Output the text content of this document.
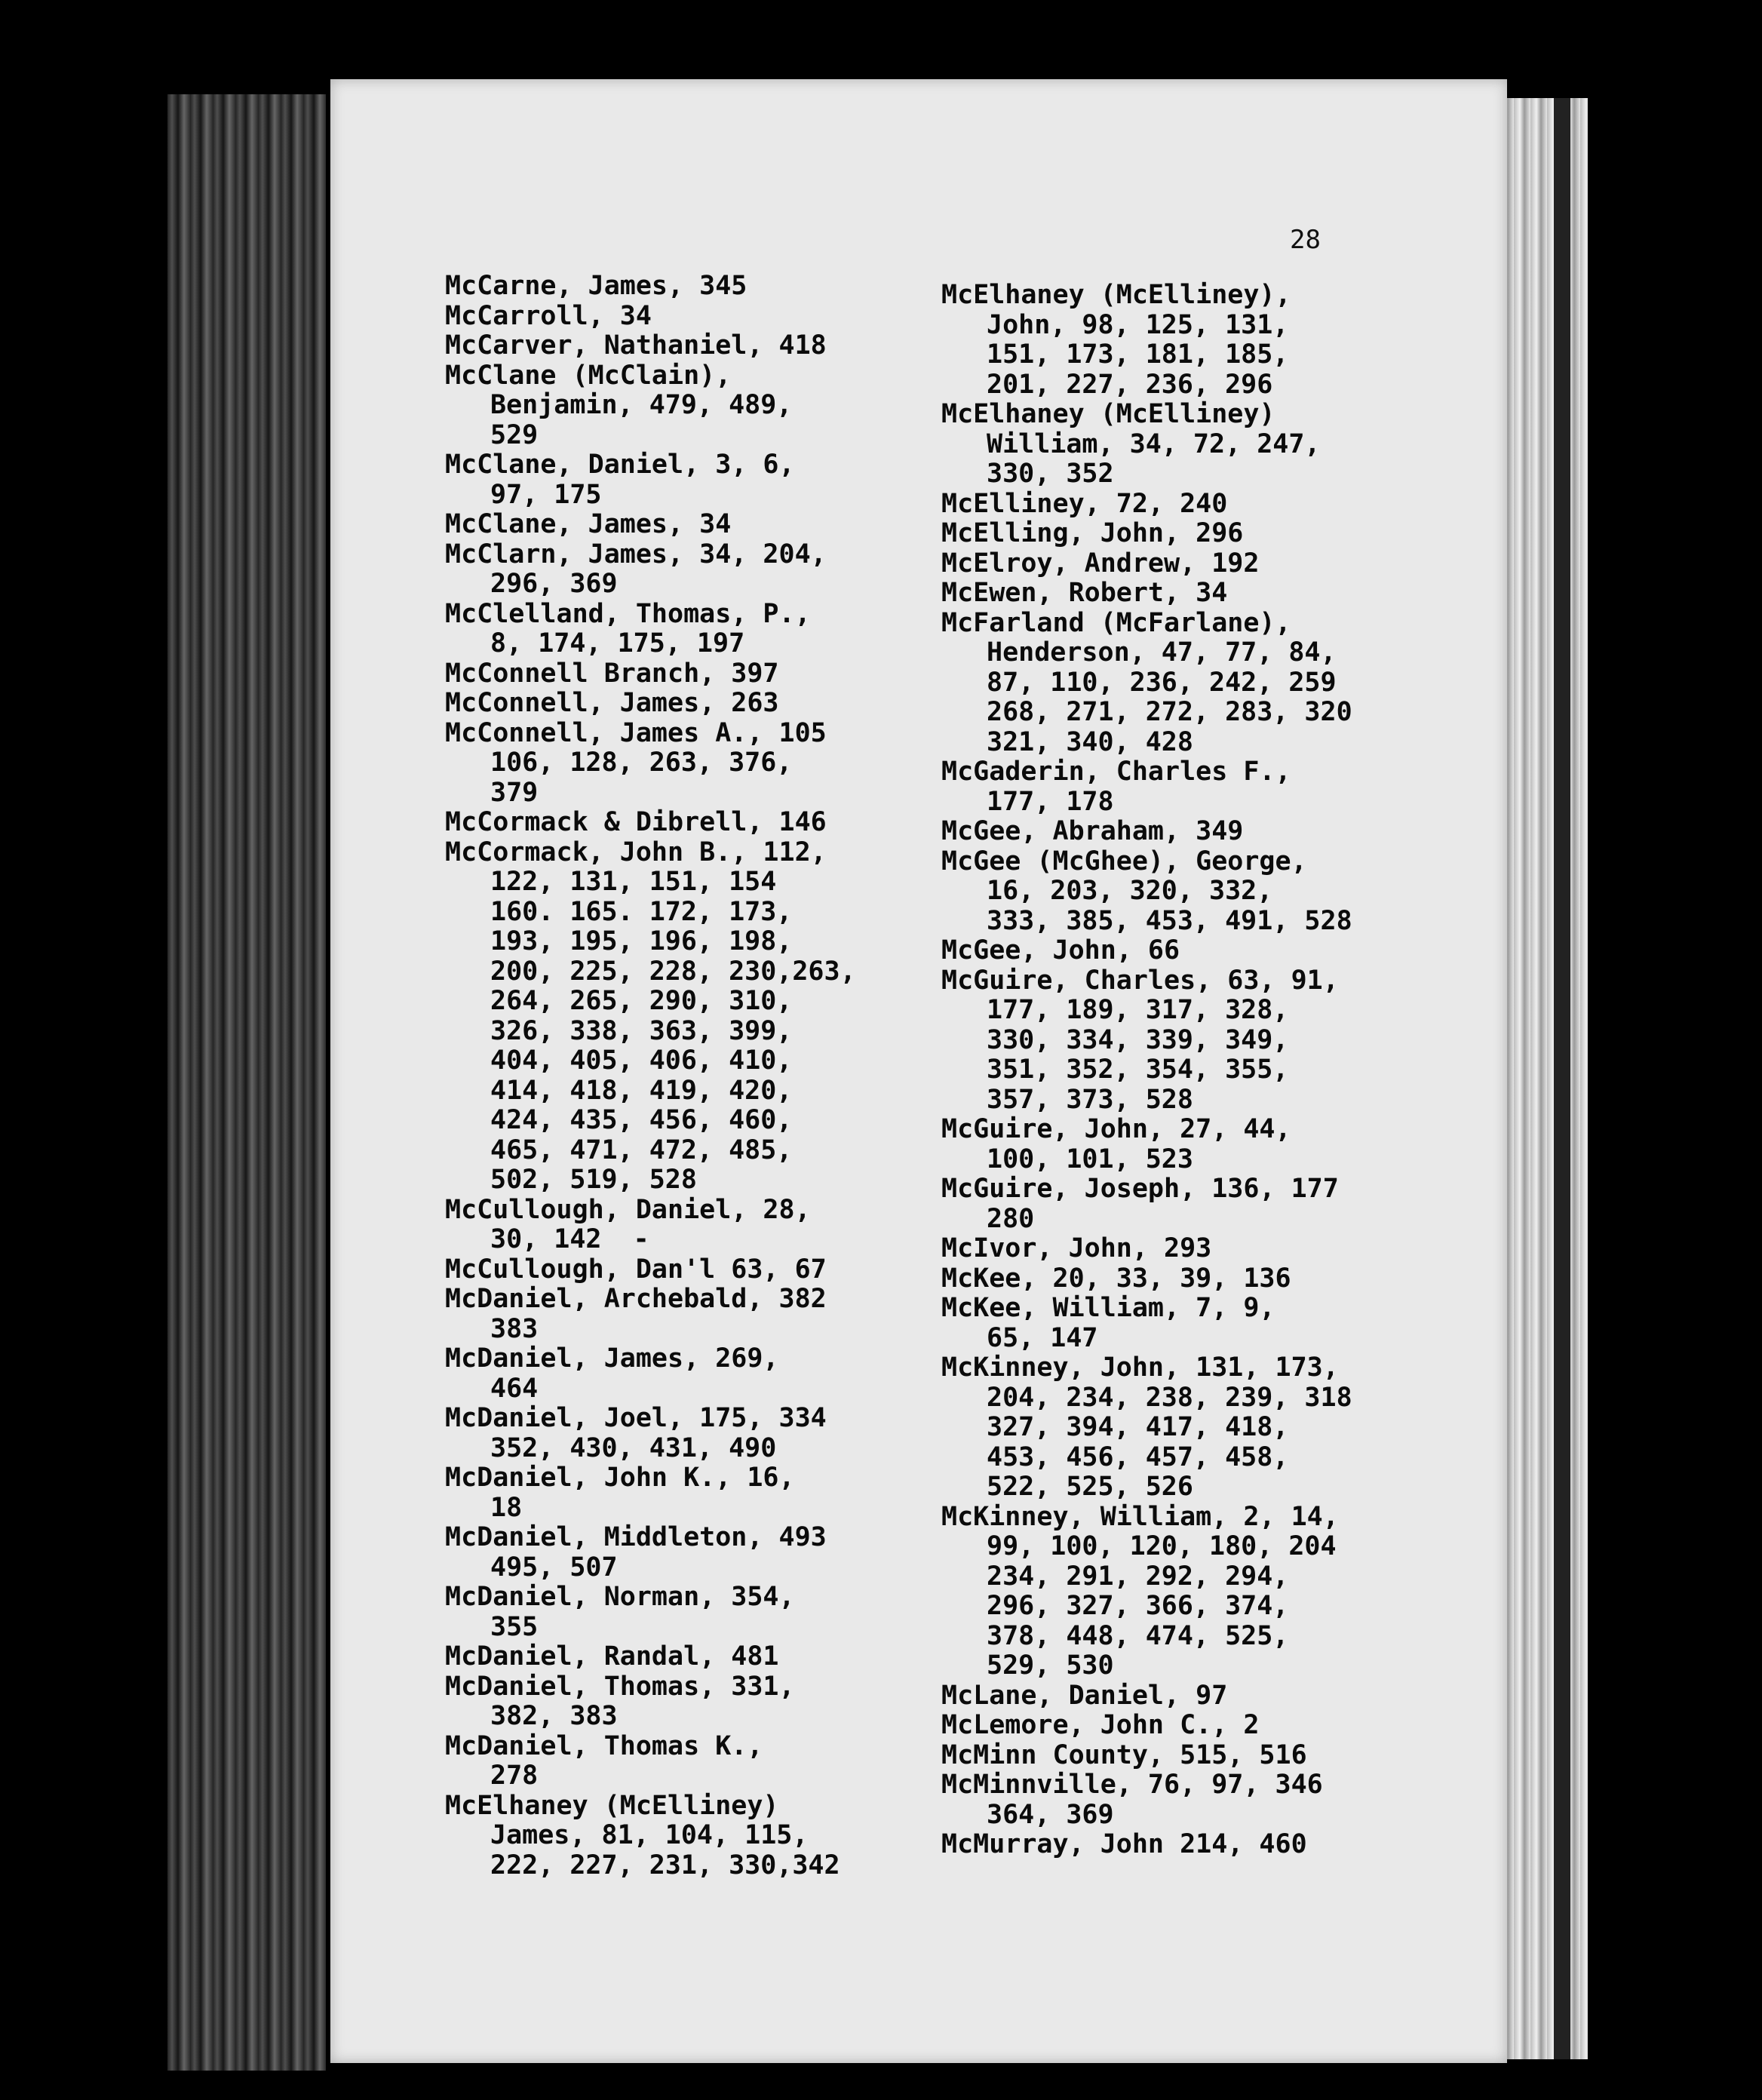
28
McCarne, James, 345
McCarroll, 34
McCarver, Nathaniel, 418
McClane (McClain),
Benjamin, 479, 489,
529
McClane, Daniel, 3, 6,
97, 175
McClane, James, 34
McClarn, James, 34, 204,
296, 369
McClelland, Thomas, P.,
8, 174, 175, 197
McConnell Branch, 397
McConnell, James, 263
McConnell, James A., 105
106, 128, 263, 376,
379
McCormack & Dibrell, 146
McCormack, John B., 112,
122, 131, 151, 154
160. 165. 172, 173,
193, 195, 196, 198,
200, 225, 228, 230,263,
264, 265, 290, 310,
326, 338, 363, 399,
404, 405, 406, 410,
414, 418, 419, 420,
424, 435, 456, 460,
465, 471, 472, 485,
502, 519, 528
McCullough, Daniel, 28,
30, 142  -
McCullough, Dan'l 63, 67
McDaniel, Archebald, 382
383
McDaniel, James, 269,
464
McDaniel, Joel, 175, 334
352, 430, 431, 490
McDaniel, John K., 16,
18
McDaniel, Middleton, 493
495, 507
McDaniel, Norman, 354,
355
McDaniel, Randal, 481
McDaniel, Thomas, 331,
382, 383
McDaniel, Thomas K.,
278
McElhaney (McElliney)
James, 81, 104, 115,
222, 227, 231, 330,342
McElhaney (McElliney),
John, 98, 125, 131,
151, 173, 181, 185,
201, 227, 236, 296
McElhaney (McElliney)
William, 34, 72, 247,
330, 352
McElliney, 72, 240
McElling, John, 296
McElroy, Andrew, 192
McEwen, Robert, 34
McFarland (McFarlane),
Henderson, 47, 77, 84,
87, 110, 236, 242, 259
268, 271, 272, 283, 320
321, 340, 428
McGaderin, Charles F.,
177, 178
McGee, Abraham, 349
McGee (McGhee), George,
16, 203, 320, 332,
333, 385, 453, 491, 528
McGee, John, 66
McGuire, Charles, 63, 91,
177, 189, 317, 328,
330, 334, 339, 349,
351, 352, 354, 355,
357, 373, 528
McGuire, John, 27, 44,
100, 101, 523
McGuire, Joseph, 136, 177
280
McIvor, John, 293
McKee, 20, 33, 39, 136
McKee, William, 7, 9,
65, 147
McKinney, John, 131, 173,
204, 234, 238, 239, 318
327, 394, 417, 418,
453, 456, 457, 458,
522, 525, 526
McKinney, William, 2, 14,
99, 100, 120, 180, 204
234, 291, 292, 294,
296, 327, 366, 374,
378, 448, 474, 525,
529, 530
McLane, Daniel, 97
McLemore, John C., 2
McMinn County, 515, 516
McMinnville, 76, 97, 346
364, 369
McMurray, John 214, 460
